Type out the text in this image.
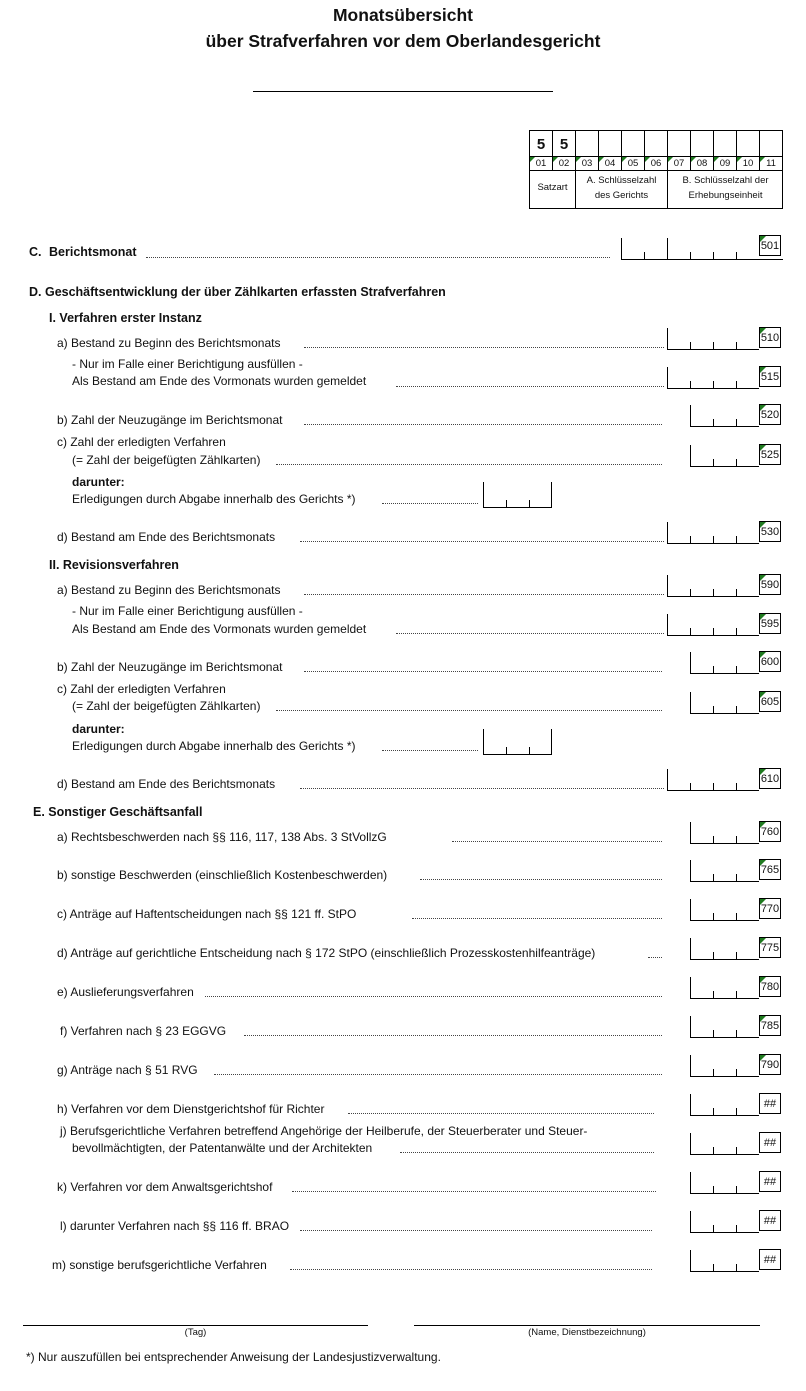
Monatsübersicht
über Strafverfahren vor dem Oberlandesgericht
5 5
01	02	03	04	05	06	07	08	09	10	11
Satzart
A. Schlüsselzahl
des Gerichts
B. Schlüsselzahl der
Erhebungseinheit
C. Berichtsmonat	501
D. Geschäftsentwicklung der über Zählkarten erfassten Strafverfahren
I. Verfahren erster Instanz
a) Bestand zu Beginn des Berichtsmonats	510
- Nur im Falle einer Berichtigung ausfüllen -
Als Bestand am Ende des Vormonats wurden gemeldet	515
b) Zahl der Neuzugänge im Berichtsmonat	520
c) Zahl der erledigten Verfahren
(= Zahl der beigefügten Zählkarten)	525
darunter:
Erledigungen durch Abgabe innerhalb des Gerichts *)
d) Bestand am Ende des Berichtsmonats	530
II. Revisionsverfahren
a) Bestand zu Beginn des Berichtsmonats	590
- Nur im Falle einer Berichtigung ausfüllen -
Als Bestand am Ende des Vormonats wurden gemeldet	595
b) Zahl der Neuzugänge im Berichtsmonat	600
c) Zahl der erledigten Verfahren
(= Zahl der beigefügten Zählkarten)	605
darunter:
Erledigungen durch Abgabe innerhalb des Gerichts *)
d) Bestand am Ende des Berichtsmonats	610
E. Sonstiger Geschäftsanfall
a) Rechtsbeschwerden nach §§ 116, 117, 138 Abs. 3 StVollzG	760
b) sonstige Beschwerden (einschließlich Kostenbeschwerden)	765
c) Anträge auf Haftentscheidungen nach §§ 121 ff. StPO	770
d) Anträge auf gerichtliche Entscheidung nach § 172 StPO (einschließlich Prozesskostenhilfeanträge)	775
e) Auslieferungsverfahren	780
f) Verfahren nach § 23 EGGVG	785
g) Anträge nach § 51 RVG	790
h) Verfahren vor dem Dienstgerichtshof für Richter	##
j) Berufsgerichtliche Verfahren betreffend Angehörige der Heilberufe, der Steuerberater und Steuer-
bevollmächtigten, der Patentanwälte und der Architekten	##
k) Verfahren vor dem Anwaltsgerichtshof	##
l) darunter Verfahren nach §§ 116 ff. BRAO	##
m) sonstige berufsgerichtliche Verfahren	##
(Tag)	(Name, Dienstbezeichnung)
*) Nur auszufüllen bei entsprechender Anweisung der Landesjustizverwaltung.
